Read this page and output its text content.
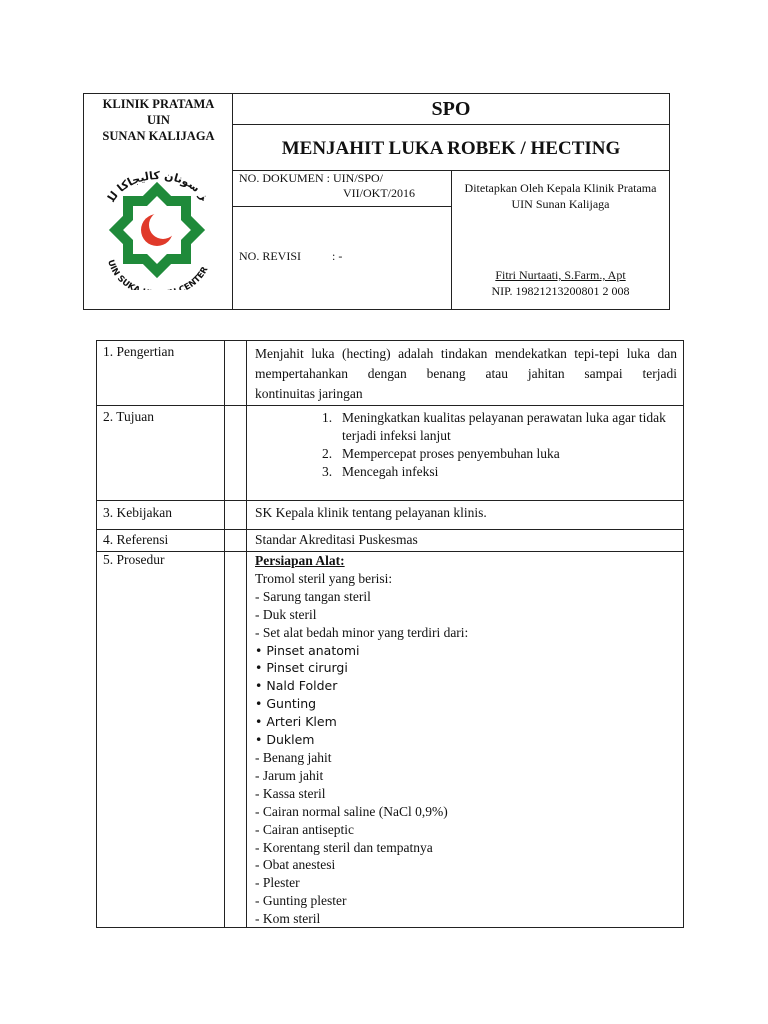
KLINIK PRATAMA
UIN
SUNAN KALIJAGA
ز سونان كاليجاكا لل
UIN SUK CENTER
SPO
MENJAHIT LUKA ROBEK / HECTING
NO. DOKUMEN : UIN/SPO/
VII/OKT/2016
NO. REVISI	: -
Ditetapkan Oleh Kepala Klinik Pratama
UIN Sunan Kalijaga
Fitri Nurtaati, S.Farm., Apt
NIP. 19821213200801 2 008
1. Pengertian	Menjahit luka (hecting) adalah tindakan mendekatkan tepi-tepi luka dan mempertahankan dengan benang atau jahitan sampai terjadi
kontinuitas jaringan
2. Tujuan	1. Meningkatkan kualitas pelayanan perawatan luka agar tidak terjadi infeksi lanjut
2. Mempercepat proses penyembuhan luka
3. Mencegah infeksi
3. Kebijakan	SK Kepala klinik tentang pelayanan klinis.
4. Referensi	Standar Akreditasi Puskesmas
5. Prosedur	Persiapan Alat:
Tromol steril yang berisi:
- Sarung tangan steril
- Duk steril
- Set alat bedah minor yang terdiri dari:
• Pinset anatomi
• Pinset cirurgi
• Nald Folder
• Gunting
• Arteri Klem
• Duklem
- Benang jahit
- Jarum jahit
- Kassa steril
- Cairan normal saline (NaCl 0,9%)
- Cairan antiseptic
- Korentang steril dan tempatnya
- Obat anestesi
- Plester
- Gunting plester
- Kom steril
